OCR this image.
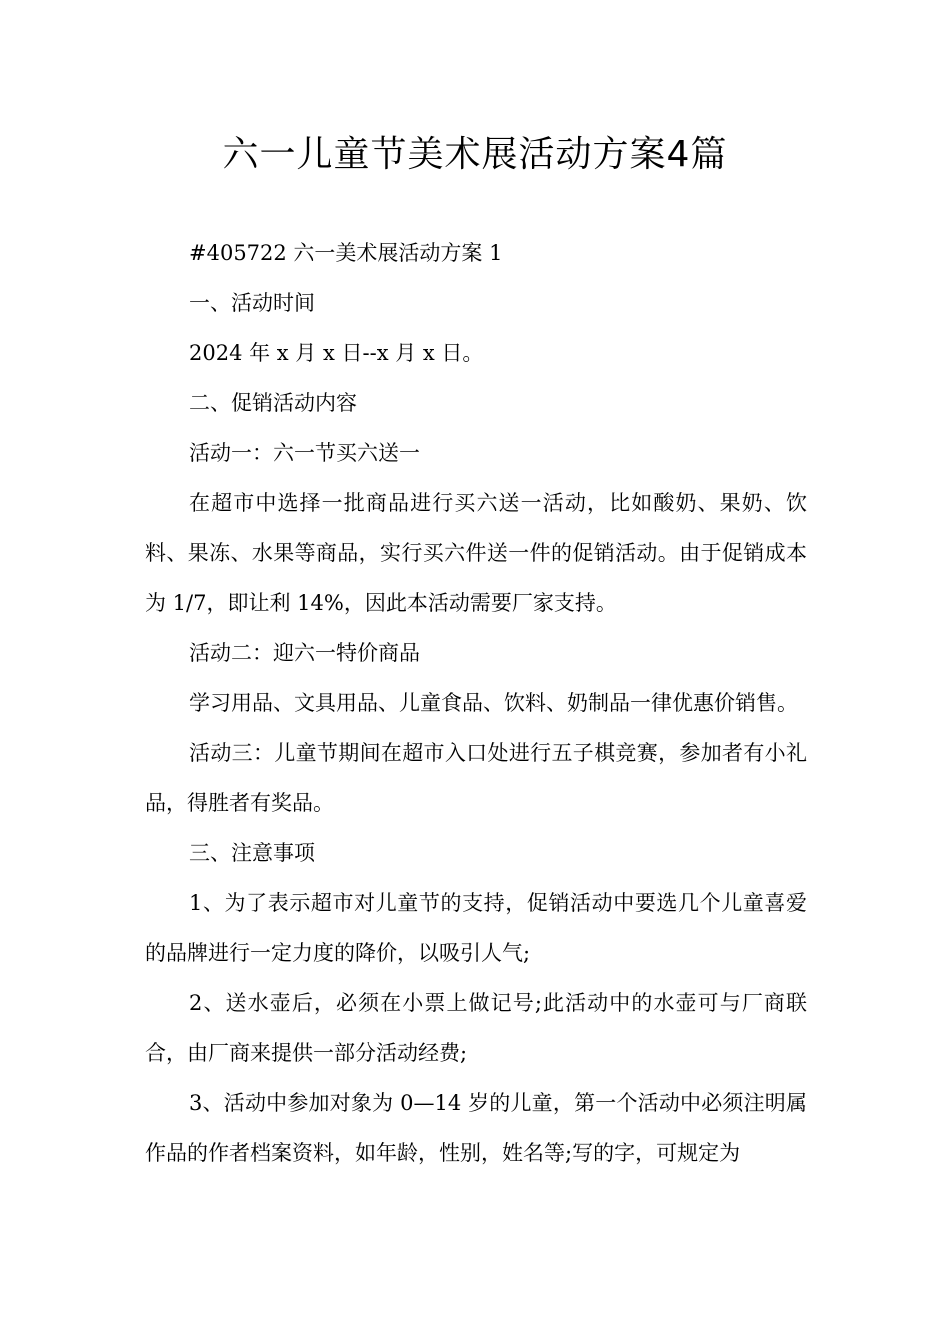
六一儿童节美术展活动方案4篇

#405722 六一美术展活动方案 1

一、活动时间

2024 年 x 月 x 日--x 月 x 日。

二、促销活动内容

活动一：六一节买六送一

在超市中选择一批商品进行买六送一活动，比如酸奶、果奶、饮料、果冻、水果等商品，实行买六件送一件的促销活动。由于促销成本为 1/7，即让利 14%，因此本活动需要厂家支持。

活动二：迎六一特价商品

学习用品、文具用品、儿童食品、饮料、奶制品一律优惠价销售。

活动三：儿童节期间在超市入口处进行五子棋竞赛，参加者有小礼品，得胜者有奖品。

三、注意事项

1、为了表示超市对儿童节的支持，促销活动中要选几个儿童喜爱的品牌进行一定力度的降价，以吸引人气;

2、送水壶后，必须在小票上做记号;此活动中的水壶可与厂商联合，由厂商来提供一部分活动经费;

3、活动中参加对象为 0—14 岁的儿童，第一个活动中必须注明属作品的作者档案资料，如年龄，性别，姓名等;写的字，可规定为
